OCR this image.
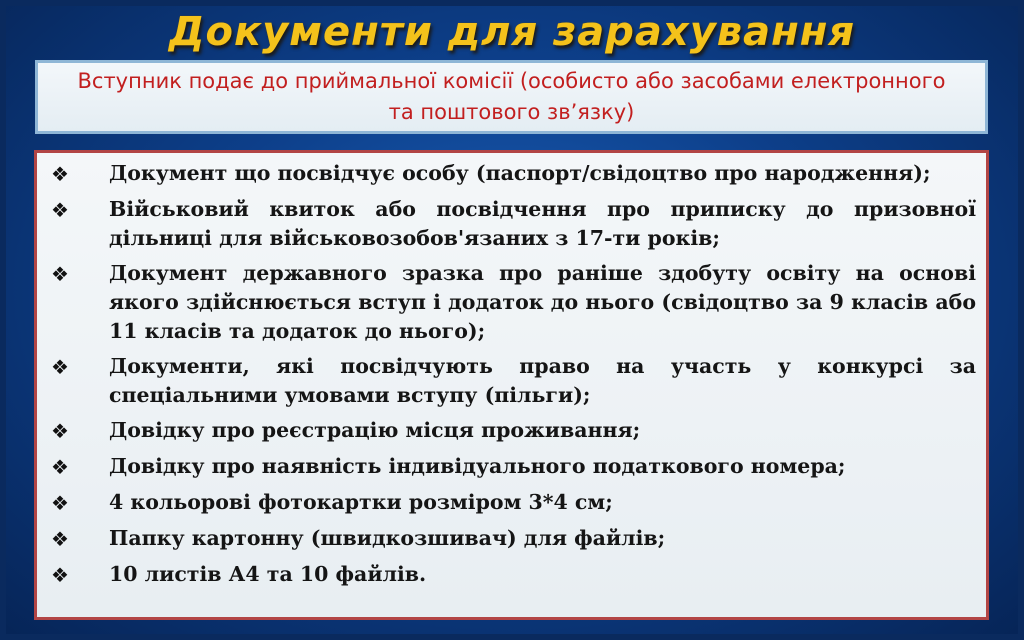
Документи для зарахування
Вступник подає до приймальної комісії (особисто або засобами електронного та поштового зв’язку)
❖	Документ що посвідчує особу (паспорт/свідоцтво про народження);
❖	Військовий квиток або посвідчення про приписку до призовної дільниці для військовозобов'язаних з 17-ти років;
❖	Документ державного зразка про раніше здобуту освіту на основі якого здійснюється вступ і додаток до нього (свідоцтво за 9 класів або 11 класів та додаток до нього);
❖	Документи, які посвідчують право на участь у конкурсі за спеціальними умовами вступу (пільги);
❖	Довідку про реєстрацію місця проживання;
❖	Довідку про наявність індивідуального податкового номера;
❖	4 кольорові фотокартки розміром 3*4 см;
❖	Папку картонну (швидкозшивач) для файлів;
❖	10 листів А4 та 10 файлів.
